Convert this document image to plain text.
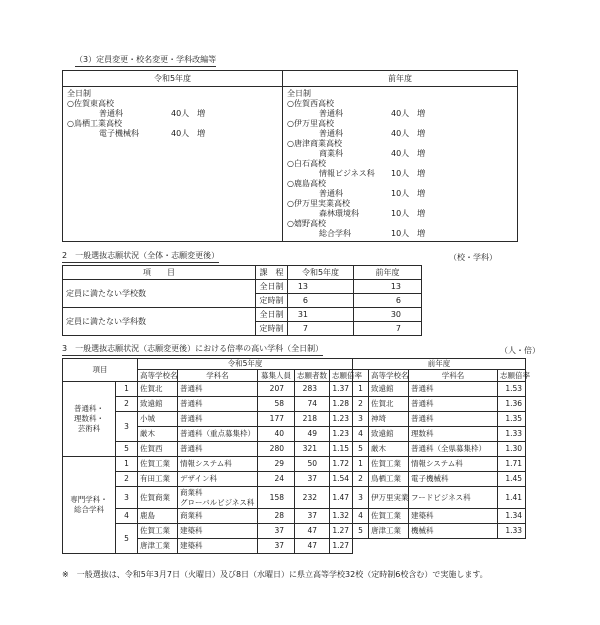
（3）定員変更・校名変更・学科改編等
令和5年度	前年度

全日制
○佐賀東高校
普通科	40人　増
○鳥栖工業高校
電子機械科	40人　増

全日制
○佐賀西高校
普通科	40人　増
○伊万里高校
普通科	40人　増
○唐津商業高校
商業科	40人　増
○白石高校
情報ビジネス科	10人　増
○鹿島高校
普通科	10人　増
○伊万里実業高校
森林環境科	10人　増
○嬉野高校
総合学科	10人　増
2　一般選抜志願状況（全体・志願変更後）	（校・学科）
項　　目	課　程	令和5年度	前年度
定員に満たない学校数	全日制	13	13
	定時制	6	6
定員に満たない学科数	全日制	31	30
	定時制	7	7
3　一般選抜志願状況（志願変更後）における倍率の高い学科（全日制）	（人・倍）
項目		令和5年度					前年度			
		高等学校名	学科名	募集人員	志願者数	志願倍率		高等学校名	学科名	志願倍率

普通科・
理数科・
芸術科	1	佐賀北	普通科	207	283	1.37	1	致遠館	普通科	1.53
	2	致遠館	普通科	58	74	1.28	2	佐賀北	普通科	1.36
	3	小城	普通科	177	218	1.23	3	神埼	普通科	1.35
		厳木	普通科（重点募集枠）	40	49	1.23	4	致遠館	理数科	1.33
	5	佐賀西	普通科	280	321	1.15	5	厳木	普通科（全県募集枠）	1.30

専門学科・
総合学科	1	佐賀工業	情報システム科	29	50	1.72	1	佐賀工業	情報システム科	1.71
	2	有田工業	デザイン科	24	37	1.54	2	鳥栖工業	電子機械科	1.45
	3	佐賀商業	商業科
グローバルビジネス科	158	232	1.47	3	伊万里実業	フードビジネス科	1.41
	4	鹿島	商業科	28	37	1.32	4	佐賀工業	建築科	1.34
	5	佐賀工業	建築科	37	47	1.27	5	唐津工業	機械科	1.33
		唐津工業	建築科	37	47	1.27				
※　一般選抜は、令和5年3月7日（火曜日）及び8日（水曜日）に県立高等学校32校（定時制6校含む）で実施します。
